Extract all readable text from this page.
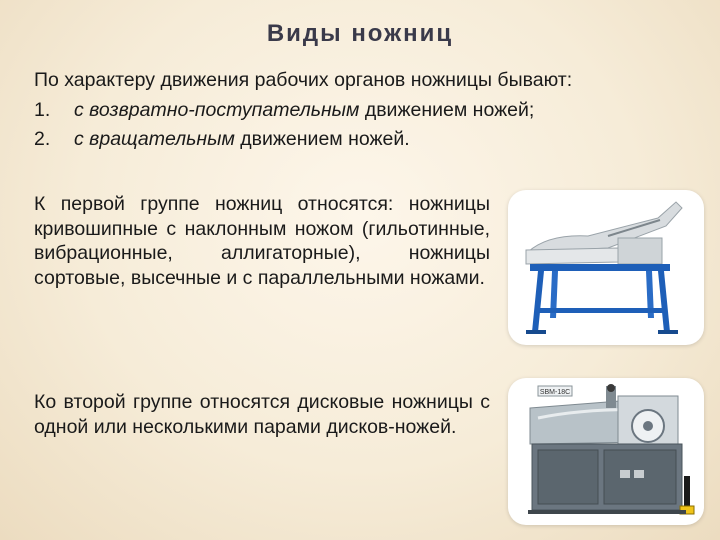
Виды ножниц
По характеру движения рабочих органов ножницы бывают:
1. с возвратно-поступательным движением ножей;
2. с вращательным движением ножей.
К первой группе ножниц относятся: ножницы кривошипные с наклонным ножом (гильотинные, вибрационные, аллигаторные), ножницы сортовые, высечные и с параллельными ножами.
Ко второй группе относятся дисковые ножницы с одной или несколькими парами дисков-ножей.
SBM-18C
